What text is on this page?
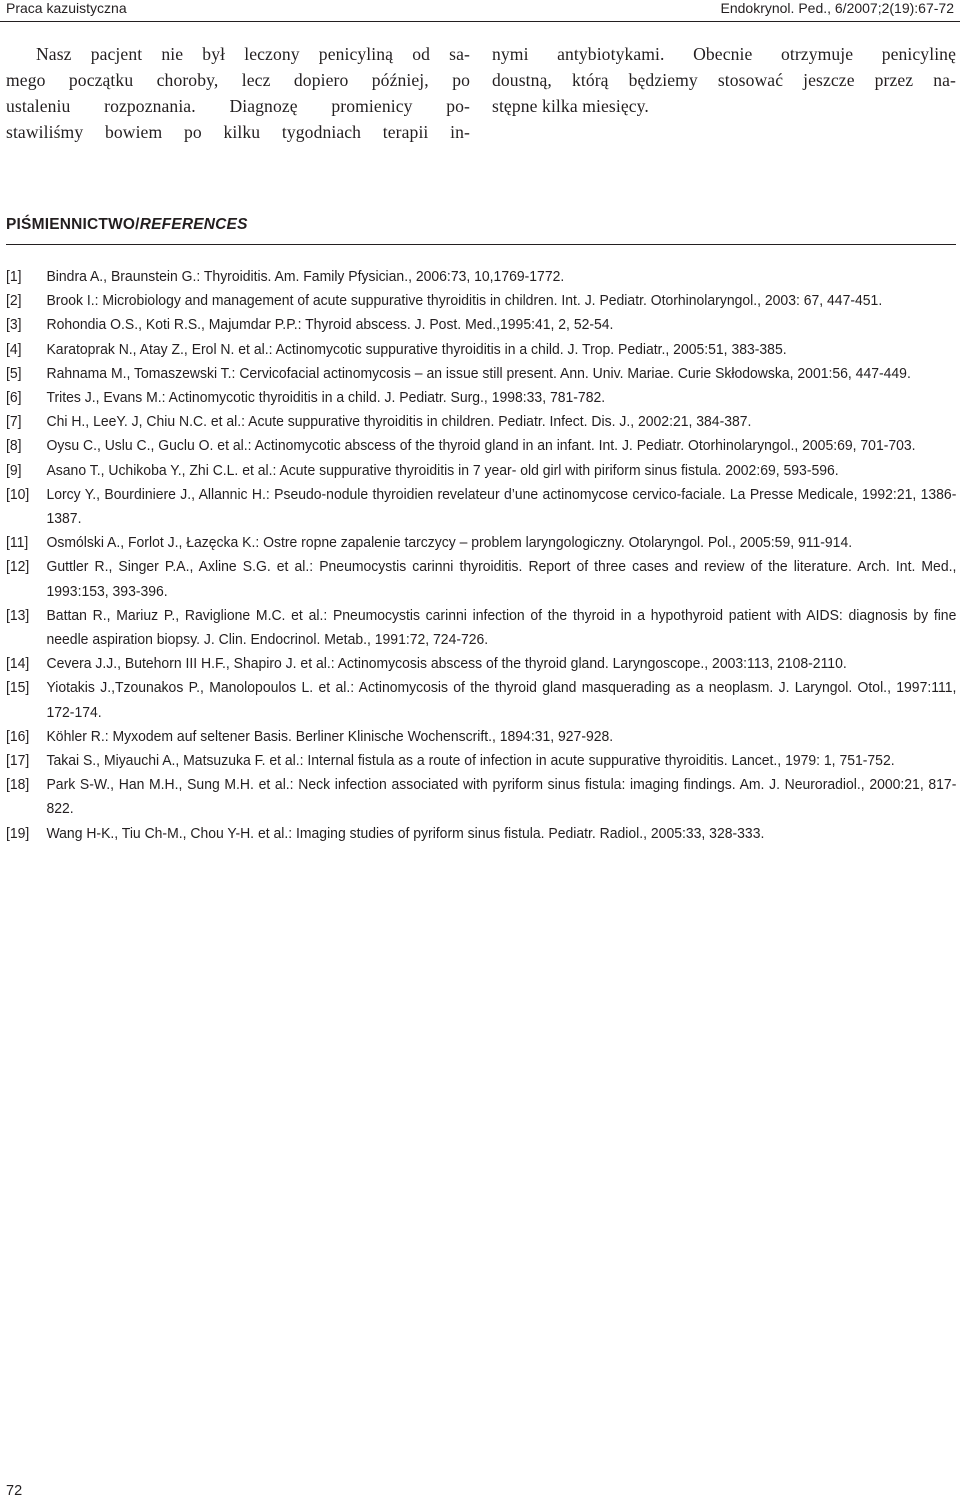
Praca kazuistyczna	Endokrynol. Ped., 6/2007;2(19):67-72
Nasz pacjent nie był leczony penicyliną od sa-
mego początku choroby, lecz dopiero później, po
ustaleniu rozpoznania. Diagnozę promienicy po-
stawiliśmy bowiem po kilku tygodniach terapii in-
nymi antybiotykami. Obecnie otrzymuje penicylinę
doustną, którą będziemy stosować jeszcze przez na-
stępne kilka miesięcy.
PIŚMIENNICTWO/REFERENCES
[1] Bindra A., Braunstein G.: Thyroiditis. Am. Family Pfysician., 2006:73, 10,1769-1772.
[2] Brook I.: Microbiology and management of acute suppurative thyroiditis in children. Int. J. Pediatr. Otorhinolaryngol., 2003: 67, 447-451.
[3] Rohondia O.S., Koti R.S., Majumdar P.P.: Thyroid abscess. J. Post. Med.,1995:41, 2, 52-54.
[4] Karatoprak N., Atay Z., Erol N. et al.: Actinomycotic suppurative thyroiditis in a child. J. Trop. Pediatr., 2005:51, 383-385.
[5] Rahnama M., Tomaszewski T.: Cervicofacial actinomycosis – an issue still present. Ann. Univ. Mariae. Curie Skłodowska, 2001:56, 447-449.
[6] Trites J., Evans M.: Actinomycotic thyroiditis in a child. J. Pediatr. Surg., 1998:33, 781-782.
[7] Chi H., LeeY. J, Chiu N.C. et al.: Acute suppurative thyroiditis in children. Pediatr. Infect. Dis. J., 2002:21, 384-387.
[8] Oysu C., Uslu C., Guclu O. et al.: Actinomycotic abscess of the thyroid gland in an infant. Int. J. Pediatr. Otorhinolaryngol., 2005:69, 701-703.
[9] Asano T., Uchikoba Y., Zhi C.L. et al.: Acute suppurative thyroiditis in 7 year- old girl with piriform sinus fistula. 2002:69, 593-596.
[10] Lorcy Y., Bourdiniere J., Allannic H.: Pseudo-nodule thyroidien revelateur d’une actinomycose cervico-faciale. La Presse Medicale, 1992:21, 1386-1387.
[11] Osmólski A., Forlot J., Łazęcka K.: Ostre ropne zapalenie tarczycy – problem laryngologiczny. Otolaryngol. Pol., 2005:59, 911-914.
[12] Guttler R., Singer P.A., Axline S.G. et al.: Pneumocystis carinni thyroiditis. Report of three cases and review of the literature. Arch. Int. Med., 1993:153, 393-396.
[13] Battan R., Mariuz P., Raviglione M.C. et al.: Pneumocystis carinni infection of the thyroid in a hypothyroid patient with AIDS: diagnosis by fine needle aspiration biopsy. J. Clin. Endocrinol. Metab., 1991:72, 724-726.
[14] Cevera J.J., Butehorn III H.F., Shapiro J. et al.: Actinomycosis abscess of the thyroid gland. Laryngoscope., 2003:113, 2108-2110.
[15] Yiotakis J.,Tzounakos P., Manolopoulos L. et al.: Actinomycosis of the thyroid gland masquerading as a neoplasm. J. Laryngol. Otol., 1997:111, 172-174.
[16] Köhler R.: Myxodem auf seltener Basis. Berliner Klinische Wochenscrift., 1894:31, 927-928.
[17] Takai S., Miyauchi A., Matsuzuka F. et al.: Internal fistula as a route of infection in acute suppurative thyroiditis. Lancet., 1979: 1, 751-752.
[18] Park S-W., Han M.H., Sung M.H. et al.: Neck infection associated with pyriform sinus fistula: imaging findings. Am. J. Neuroradiol., 2000:21, 817-822.
[19] Wang H-K., Tiu Ch-M., Chou Y-H. et al.: Imaging studies of pyriform sinus fistula. Pediatr. Radiol., 2005:33, 328-333.
72
